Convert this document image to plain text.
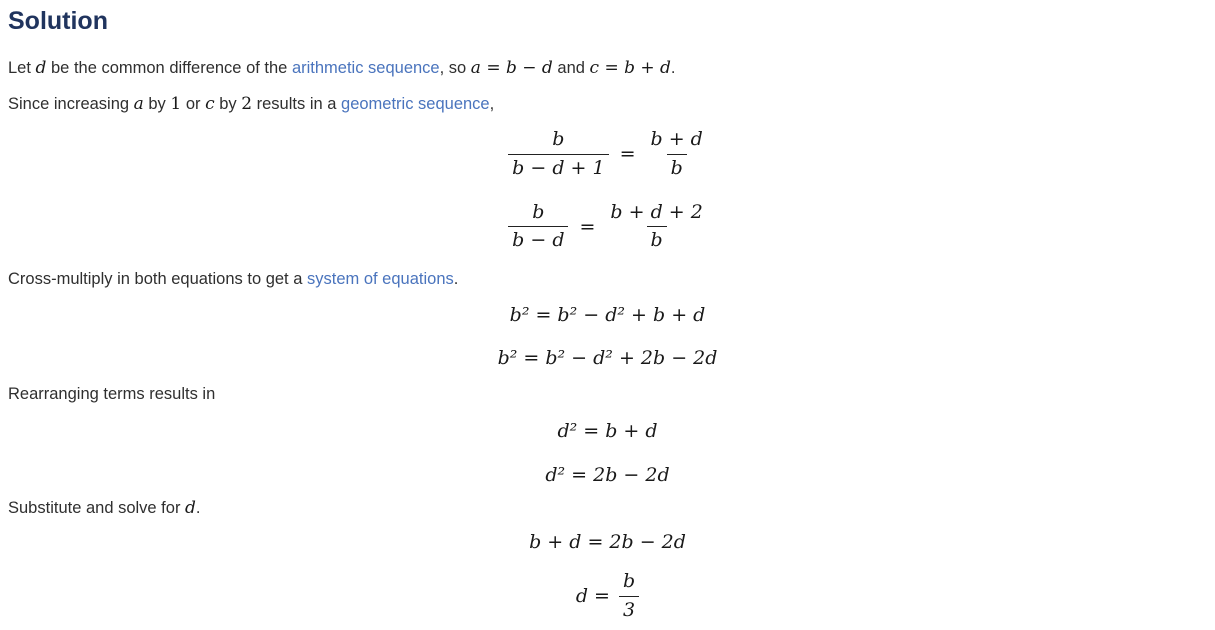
Solution

Let d be the common difference of the arithmetic sequence, so a = b − d and c = b + d.

Since increasing a by 1 or c by 2 results in a geometric sequence,

$\frac{b}{b - d + 1} = \frac{b + d}{b}$
$\frac{b}{b - d} = \frac{b + d + 2}{b}$

Cross-multiply in both equations to get a system of equations.

b² = b² − d² + b + d
b² = b² − d² + 2b − 2d

Rearranging terms results in

d² = b + d
d² = 2b − 2d

Substitute and solve for d.

b + d = 2b − 2d
$d = \frac{b}{3}$
